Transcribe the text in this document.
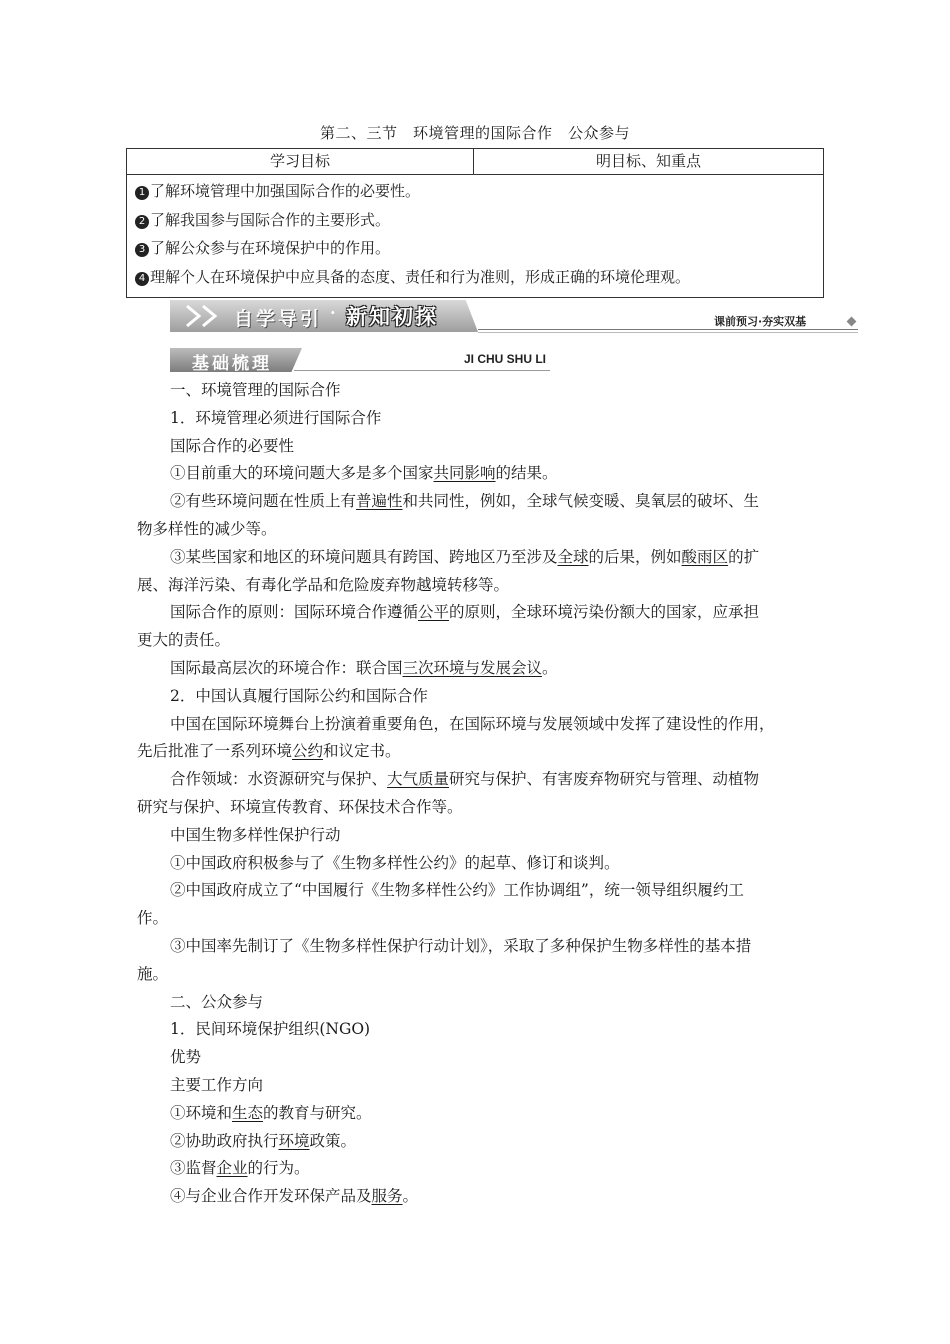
第二、三节　环境管理的国际合作　公众参与
学习目标	明目标、知重点
1 了解环境管理中加强国际合作的必要性。
2 了解我国参与国际合作的主要形式。
3 了解公众参与在环境保护中的作用。
4 理解个人在环境保护中应具备的态度、责任和行为准则，形成正确的环境伦理观。
自学导引 · 新知初探	课前预习·夯实双基
基础梳理	JI CHU SHU LI
一、环境管理的国际合作
1．环境管理必须进行国际合作
国际合作的必要性
①目前重大的环境问题大多是多个国家共同影响的结果。
②有些环境问题在性质上有普遍性和共同性，例如，全球气候变暖、臭氧层的破坏、生
物多样性的减少等。
③某些国家和地区的环境问题具有跨国、跨地区乃至涉及全球的后果，例如酸雨区的扩
展、海洋污染、有毒化学品和危险废弃物越境转移等。
国际合作的原则：国际环境合作遵循公平的原则，全球环境污染份额大的国家，应承担
更大的责任。
国际最高层次的环境合作：联合国三次环境与发展会议。
2．中国认真履行国际公约和国际合作
中国在国际环境舞台上扮演着重要角色，在国际环境与发展领域中发挥了建设性的作用，
先后批准了一系列环境公约和议定书。
合作领域：水资源研究与保护、大气质量研究与保护、有害废弃物研究与管理、动植物
研究与保护、环境宣传教育、环保技术合作等。
中国生物多样性保护行动
①中国政府积极参与了《生物多样性公约》的起草、修订和谈判。
②中国政府成立了“中国履行《生物多样性公约》工作协调组”，统一领导组织履约工
作。
③中国率先制订了《生物多样性保护行动计划》，采取了多种保护生物多样性的基本措
施。
二、公众参与
1．民间环境保护组织(NGO)
优势
主要工作方向
①环境和生态的教育与研究。
②协助政府执行环境政策。
③监督企业的行为。
④与企业合作开发环保产品及服务。
